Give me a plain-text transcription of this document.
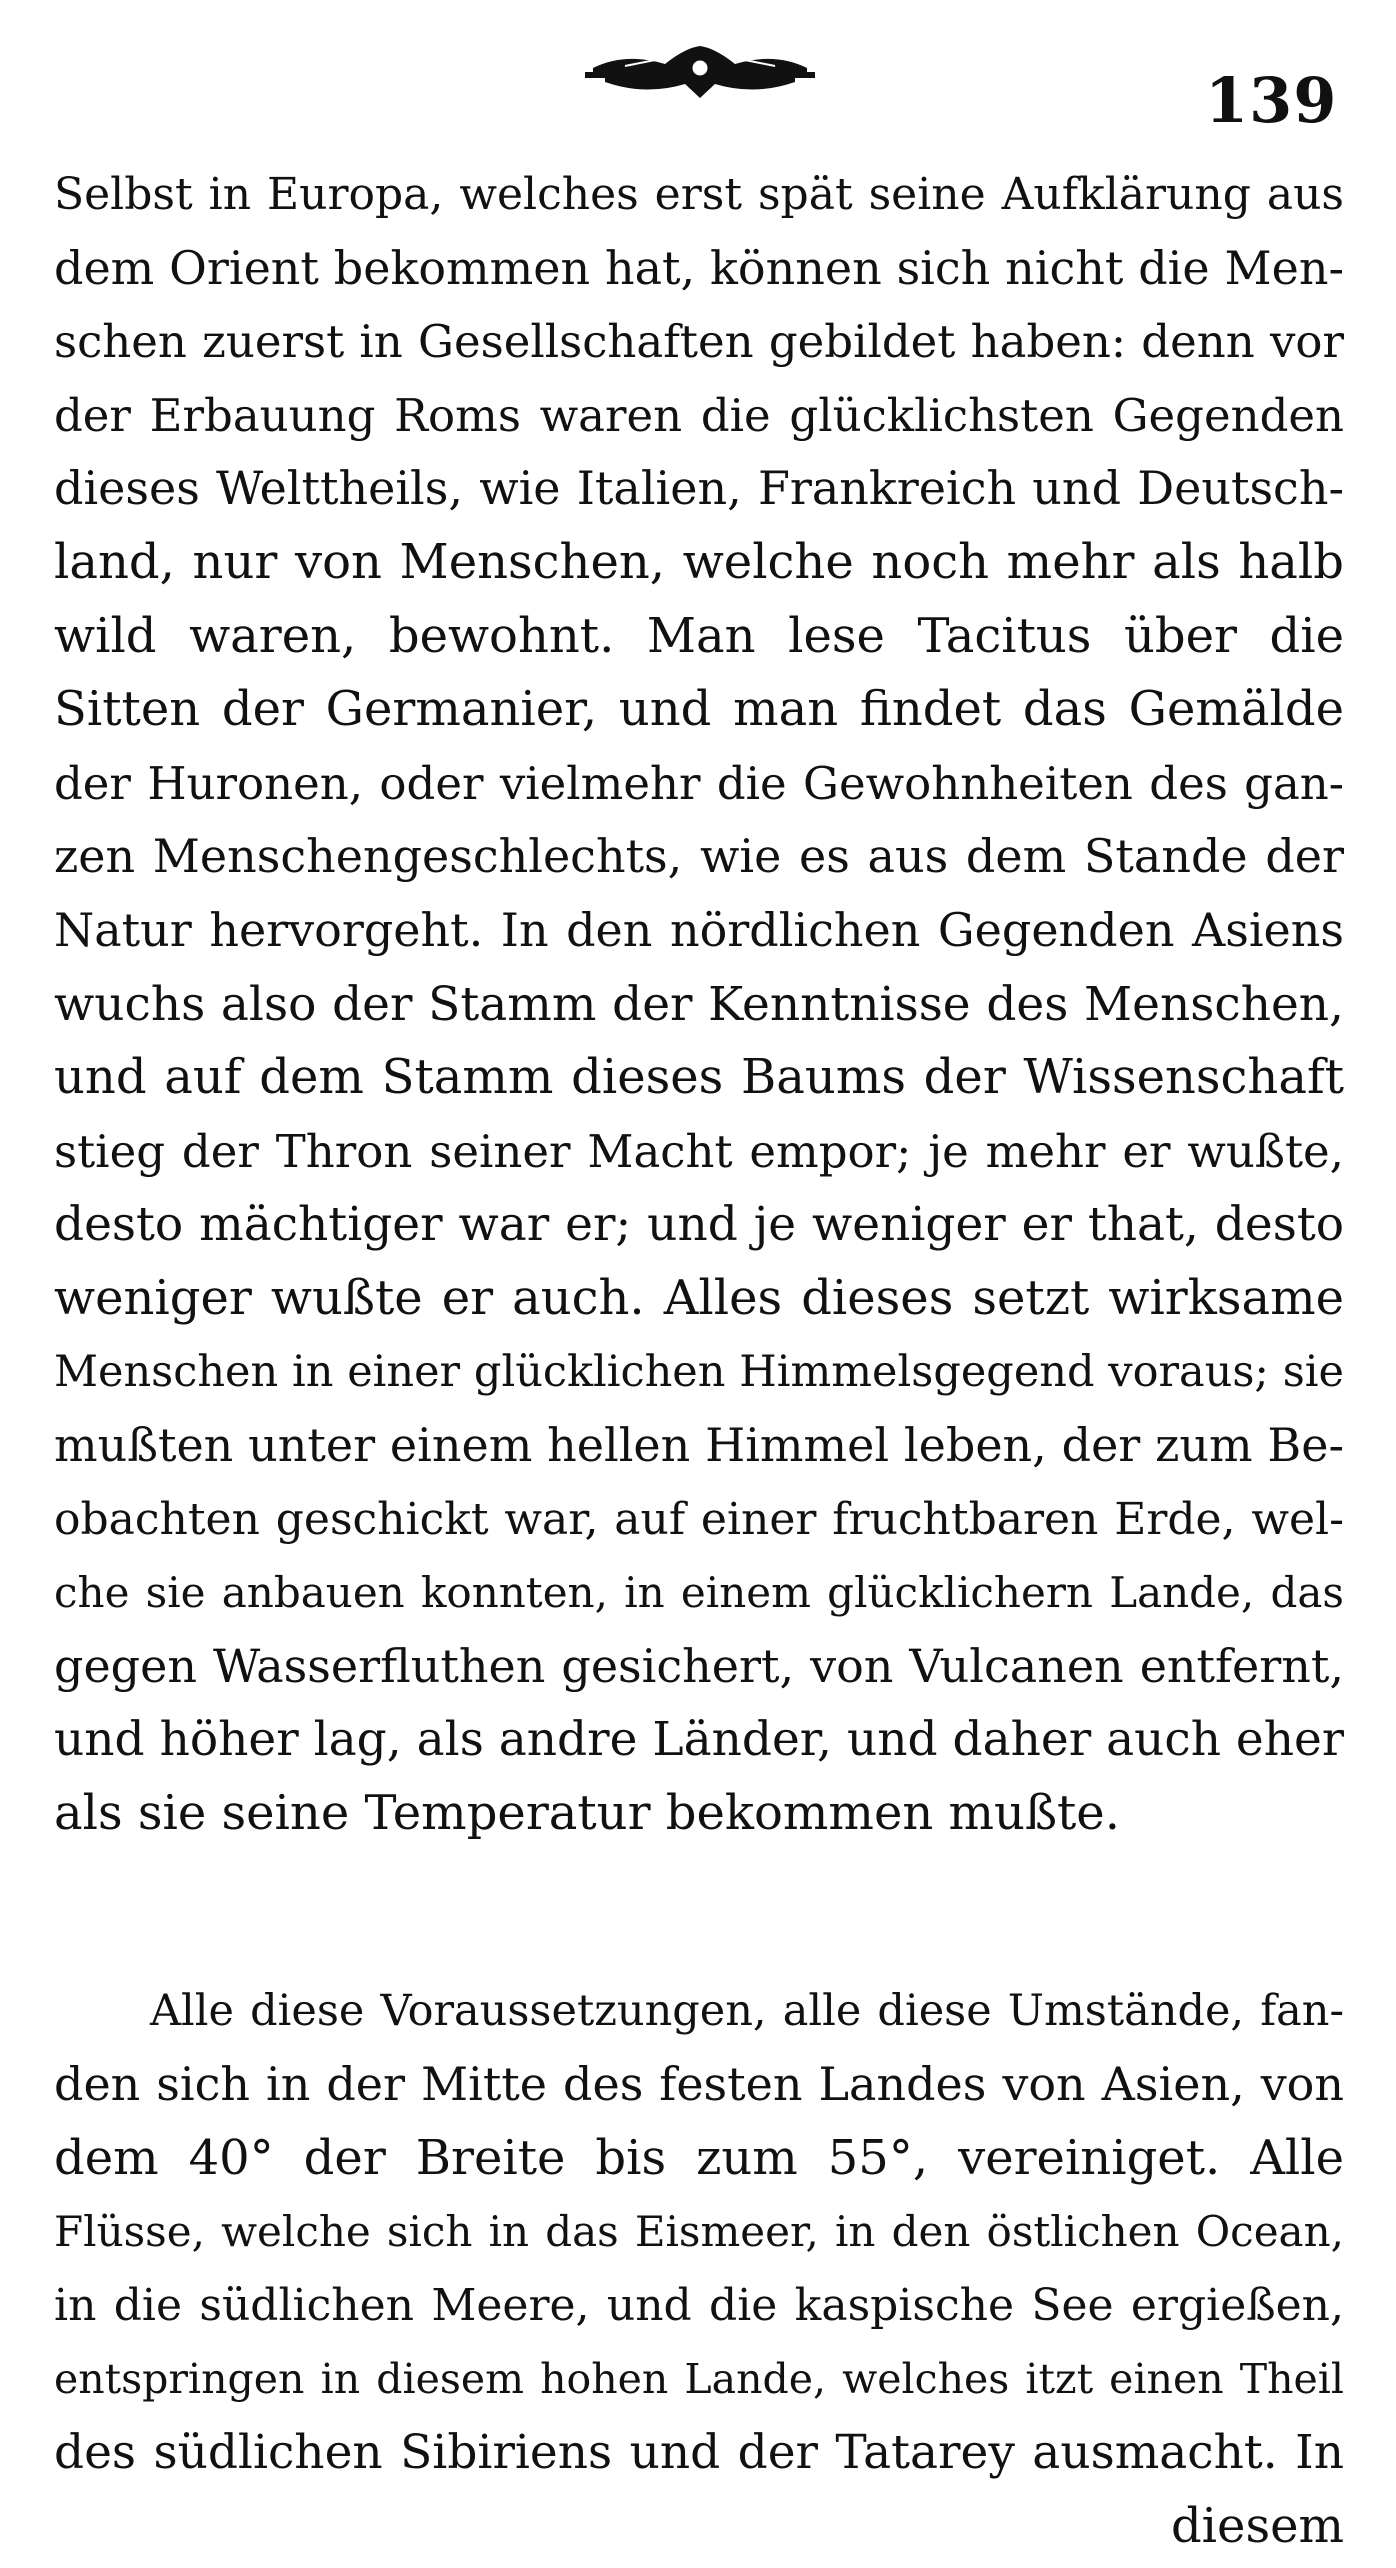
139
Selbst in Europa, welches erst spät seine Aufklärung aus
dem Orient bekommen hat, können sich nicht die Men-
schen zuerst in Gesellschaften gebildet haben: denn vor
der Erbauung Roms waren die glücklichsten Gegenden
dieses Welttheils, wie Italien, Frankreich und Deutsch-
land, nur von Menschen, welche noch mehr als halb
wild waren, bewohnt. Man lese Tacitus über die
Sitten der Germanier, und man findet das Gemälde
der Huronen, oder vielmehr die Gewohnheiten des gan-
zen Menschengeschlechts, wie es aus dem Stande der
Natur hervorgeht. In den nördlichen Gegenden Asiens
wuchs also der Stamm der Kenntnisse des Menschen,
und auf dem Stamm dieses Baums der Wissenschaft
stieg der Thron seiner Macht empor; je mehr er wußte,
desto mächtiger war er; und je weniger er that, desto
weniger wußte er auch. Alles dieses setzt wirksame
Menschen in einer glücklichen Himmelsgegend voraus; sie
mußten unter einem hellen Himmel leben, der zum Be-
obachten geschickt war, auf einer fruchtbaren Erde, wel-
che sie anbauen konnten, in einem glücklichern Lande, das
gegen Wasserfluthen gesichert, von Vulcanen entfernt,
und höher lag, als andre Länder, und daher auch eher
als sie seine Temperatur bekommen mußte.
Alle diese Voraussetzungen, alle diese Umstände, fan-
den sich in der Mitte des festen Landes von Asien, von
dem 40° der Breite bis zum 55°, vereiniget. Alle
Flüsse, welche sich in das Eismeer, in den östlichen Ocean,
in die südlichen Meere, und die kaspische See ergießen,
entspringen in diesem hohen Lande, welches itzt einen Theil
des südlichen Sibiriens und der Tatarey ausmacht. In
diesem
